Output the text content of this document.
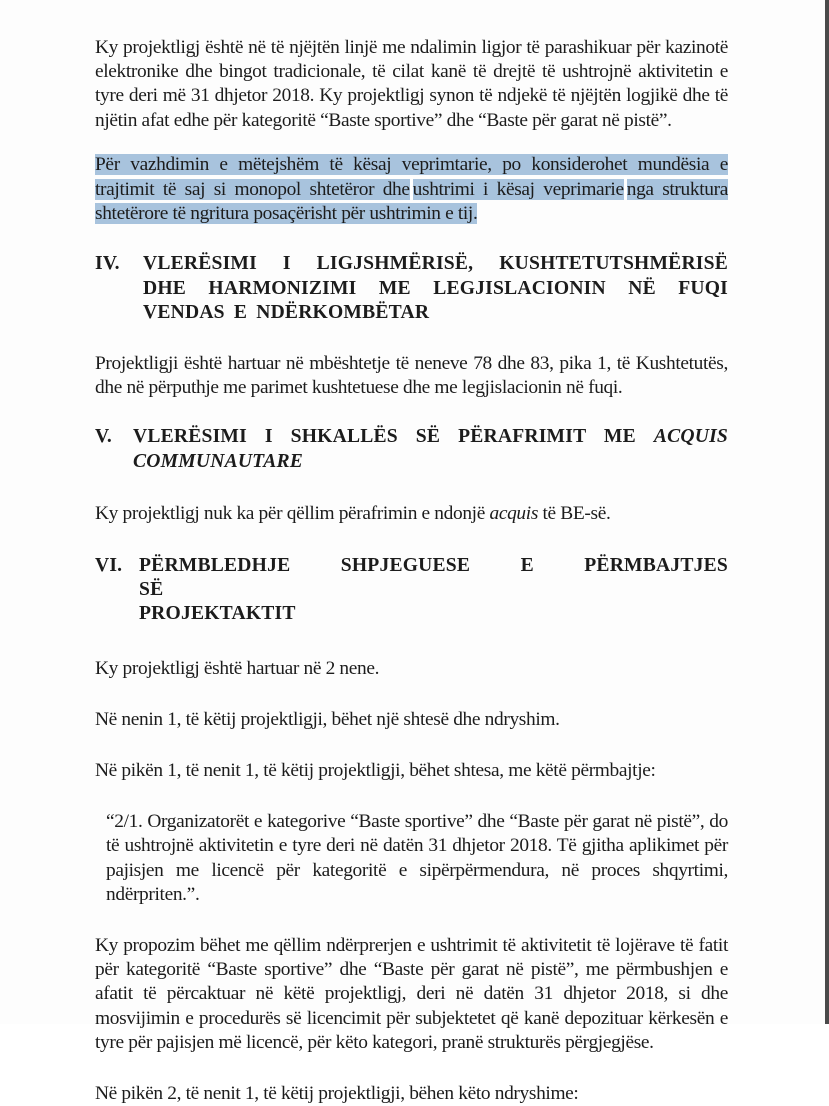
Ky projektligj është në të njëjtën linjë me ndalimin ligjor të parashikuar për kazinotë elektronike dhe bingot tradicionale, të cilat kanë të drejtë të ushtrojnë aktivitetin e tyre deri më 31 dhjetor 2018. Ky projektligj synon të ndjekë të njëjtën logjikë dhe të njëtin afat edhe për kategoritë “Baste sportive” dhe “Baste për garat në pistë”.

Për vazhdimin e mëtejshëm të kësaj veprimtarie, po konsiderohet mundësia e trajtimit të saj si monopol shtetëror dhe ushtrimi i kësaj veprimarie nga struktura shtetërore të ngritura posaçërisht për ushtrimin e tij.

IV.	VLERËSIMI I LIGJSHMËRISË, KUSHTETUTSHMËRISË DHE HARMONIZIMI ME LEGJISLACIONIN NË FUQI VENDAS E NDËRKOMBËTAR

Projektligji është hartuar në mbështetje të neneve 78 dhe 83, pika 1, të Kushtetutës, dhe në përputhje me parimet kushtetuese dhe me legjislacionin në fuqi.

V.	VLERËSIMI I SHKALLËS SË PËRAFRIMIT ME ACQUIS COMMUNAUTARE

Ky projektligj nuk ka për qëllim përafrimin e ndonjë acquis të BE-së.

VI. PËRMBLEDHJE SHPJEGUESE E PËRMBAJTJES SË
PROJEKTAKTIT

Ky projektligj është hartuar në 2 nene.

Në nenin 1, të këtij projektligji, bëhet një shtesë dhe ndryshim.

Në pikën 1, të nenit 1, të këtij projektligji, bëhet shtesa, me këtë përmbajtje:

“2/1. Organizatorët e kategorive “Baste sportive” dhe “Baste për garat në pistë”, do të ushtrojnë aktivitetin e tyre deri në datën 31 dhjetor 2018. Të gjitha aplikimet për pajisjen me licencë për kategoritë e sipërpërmendura, në proces shqyrtimi, ndërpriten.”.

Ky propozim bëhet me qëllim ndërprerjen e ushtrimit të aktivitetit të lojërave të fatit për kategoritë “Baste sportive” dhe “Baste për garat në pistë”, me përmbushjen e afatit të përcaktuar në këtë projektligj, deri në datën 31 dhjetor 2018, si dhe mosvijimin e procedurës së licencimit për subjektetet që kanë depozituar kërkesën e tyre për pajisjen më licencë, për këto kategori, pranë strukturës përgjegjëse.

Në pikën 2, të nenit 1, të këtij projektligji, bëhen këto ndryshime:
